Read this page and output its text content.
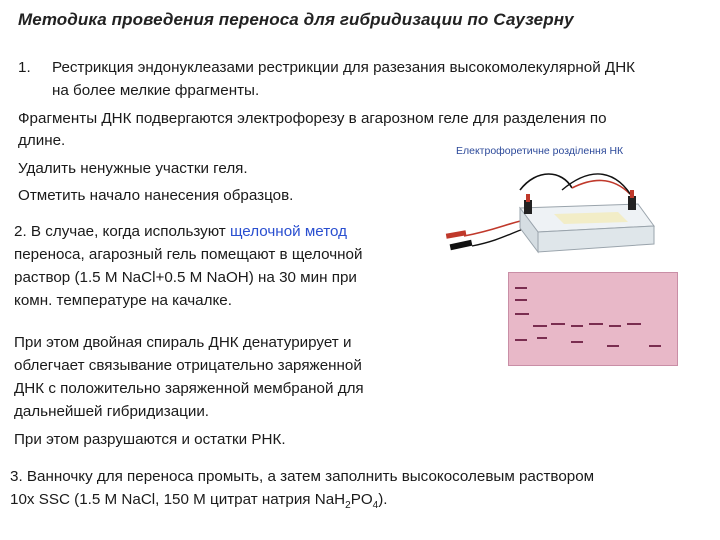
Методика проведения переноса для гибридизации по Саузерну
1. Рестрикция эндонуклеазами рестрикции для разезания высокомолекулярной ДНК
на более мелкие фрагменты.
Фрагменты ДНК подвергаются электрофорезу в агарозном геле для разделения по
длине.
Удалить ненужные участки геля.
Отметить начало нанесения образцов.
Електрофоретичне розділення НК
2. В случае, когда используют щелочной метод
переноса, агарозный гель помещают в щелочной
раствор (1.5 M NaCl+0.5 M NaOH) на 30 мин при
комн. температуре на качалке.
При этом двойная спираль ДНК денатурирует и
облегчает связывание отрицательно заряженной
ДНК с положительно заряженной мембраной для
дальнейшей гибридизации.
При этом разрушаются и остатки РНК.
3. Ванночку для переноса промыть, а затем заполнить высокосолевым раствором
10x SSC (1.5 M NaCl, 150 M цитрат натрия $NaH_2PO_4$).
